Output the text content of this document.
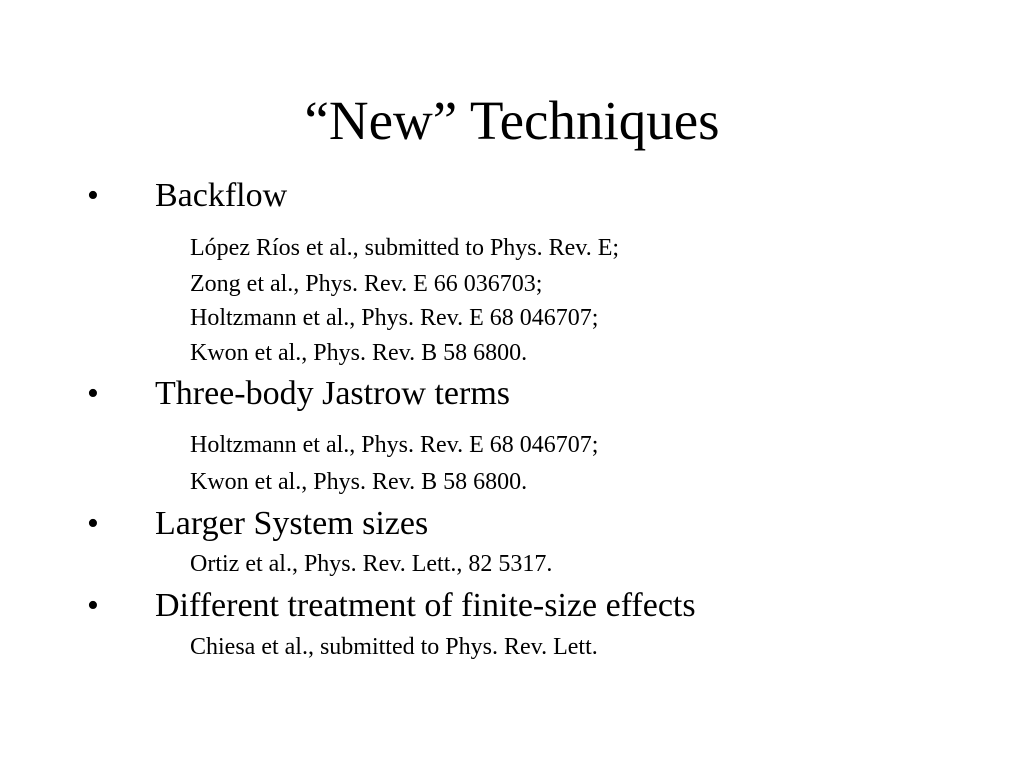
“New” Techniques
• Backflow
López Ríos et al., submitted to Phys. Rev. E;
Zong et al., Phys. Rev. E 66 036703;
Holtzmann et al., Phys. Rev. E 68 046707;
Kwon et al., Phys. Rev. B 58 6800.
• Three-body Jastrow terms
Holtzmann et al., Phys. Rev. E 68 046707;
Kwon et al., Phys. Rev. B 58 6800.
• Larger System sizes
Ortiz et al., Phys. Rev. Lett., 82 5317.
• Different treatment of finite-size effects
Chiesa et al., submitted to Phys. Rev. Lett.
